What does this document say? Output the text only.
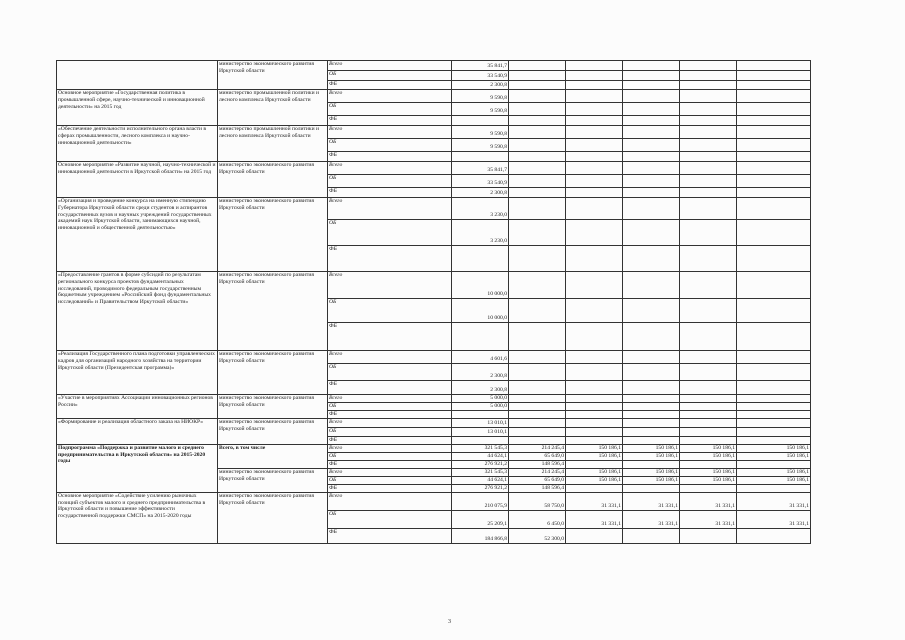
	министерство экономического развития Иркутской области	Всего	35 841,7						
		ОБ	33 540,9						
		ФБ	2 300,8						
Основное мероприятие «Государственная политика в промышленной сфере, научно-технической и инновационной деятельности» на 2015 год	министерство промышленной политики и лесного комплекса Иркутской области	Всего	9 590,8						
		ОБ	9 590,8						
		ФБ							
«Обеспечение деятельности исполнительного органа власти в сферах промышленности, лесного комплекса и научно-инновационной деятельности»	министерство промышленной политики и лесного комплекса Иркутской области	Всего	9 590,8						
		ОБ	9 590,8						
		ФБ							
Основное мероприятие «Развитие научной, научно-технической и инновационной деятельности в Иркутской области» на 2015 год	министерство экономического развития Иркутской области	Всего	35 841,7						
		ОБ	33 540,9						
		ФБ	2 300,8						
«Организация и проведение конкурса на именную стипендию Губернатора Иркутской области среди студентов и аспирантов государственных вузов и научных учреждений государственных академий наук Иркутской области, занимающихся научной, инновационной и общественной деятельностью»	министерство экономического развития Иркутской области	Всего	3 230,0						
		ОБ	3 230,0						
		ФБ							
«Предоставление грантов в форме субсидий по результатам регионального конкурса проектов фундаментальных исследований, проводимого федеральным государственным бюджетным учреждением «Российский фонд фундаментальных исследований» и Правительством Иркутской области»	министерство экономического развития Иркутской области	Всего	10 000,0						
		ОБ	10 000,0						
		ФБ							
«Реализация Государственного плана подготовки управленческих кадров для организаций народного хозяйства на территории Иркутской области (Президентская программа)»	министерство экономического развития Иркутской области	Всего	4 601,6						
		ОБ	2 300,8						
		ФБ	2 300,8						
«Участие в мероприятиях Ассоциации инновационных регионов России»	министерство экономического развития Иркутской области	Всего	5 000,0						
		ОБ	5 000,0						
		ФБ							
«Формирование и реализация областного заказа на НИОКР»	министерство экономического развития Иркутской области	Всего	13 010,1						
		ОБ	13 010,1						
		ФБ							
Подпрограмма «Поддержка и развитие малого и среднего предпринимательства в Иркутской области» на 2015-2020 годы	Всего, в том числе	Всего	321 545,3	214 245,4	150 186,1	150 186,1	150 186,1	150 186,1	
		ОБ	44 624,1	65 649,0	150 186,1	150 186,1	150 186,1	150 186,1	
		ФБ	276 921,2	148 596,4					
	министерство экономического развития Иркутской области	Всего	321 545,3	214 245,4	150 186,1	150 186,1	150 186,1	150 186,1	
		ОБ	44 624,1	65 649,0	150 186,1	150 186,1	150 186,1	150 186,1	
		ФБ	276 921,2	148 596,4					
Основное мероприятие «Содействие усилению рыночных позиций субъектов малого и среднего предпринимательства в Иркутской области и повышение эффективности государственной поддержки СМСП» на 2015-2020 годы	министерство экономического развития Иркутской области	Всего	210 075,9	58 750,0	31 331,1	31 331,1	31 331,1	31 331,1	
		ОБ	25 209,1	6 450,0	31 331,1	31 331,1	31 331,1	31 331,1	
		ФБ	184 866,8	52 300,0					
3
